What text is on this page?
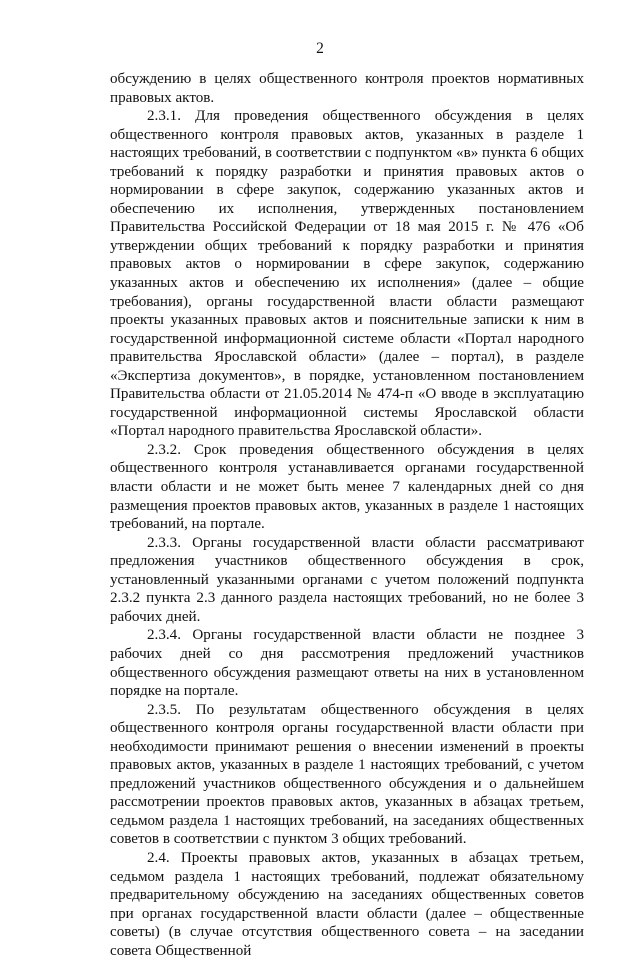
2

обсуждению в целях общественного контроля проектов нормативных правовых актов.

2.3.1. Для проведения общественного обсуждения в целях общественного контроля правовых актов, указанных в разделе 1 настоящих требований, в соответствии с подпунктом «в» пункта 6 общих требований к порядку разработки и принятия правовых актов о нормировании в сфере закупок, содержанию указанных актов и обеспечению их исполнения, утвержденных постановлением Правительства Российской Федерации от 18 мая 2015 г. № 476 «Об утверждении общих требований к порядку разработки и принятия правовых актов о нормировании в сфере закупок, содержанию указанных актов и обеспечению их исполнения» (далее – общие требования), органы государственной власти области размещают проекты указанных правовых актов и пояснительные записки к ним в государственной информационной системе области «Портал народного правительства Ярославской области» (далее – портал), в разделе «Экспертиза документов», в порядке, установленном постановлением Правительства области от 21.05.2014 № 474-п «О вводе в эксплуатацию государственной информационной системы Ярославской области «Портал народного правительства Ярославской области».

2.3.2. Срок проведения общественного обсуждения в целях общественного контроля устанавливается органами государственной власти области и не может быть менее 7 календарных дней со дня размещения проектов правовых актов, указанных в разделе 1 настоящих требований, на портале.

2.3.3. Органы государственной власти области рассматривают предложения участников общественного обсуждения в срок, установленный указанными органами с учетом положений подпункта 2.3.2 пункта 2.3 данного раздела настоящих требований, но не более 3 рабочих дней.

2.3.4. Органы государственной власти области не позднее 3 рабочих дней со дня рассмотрения предложений участников общественного обсуждения размещают ответы на них в установленном порядке на портале.

2.3.5. По результатам общественного обсуждения в целях общественного контроля органы государственной власти области при необходимости принимают решения о внесении изменений в проекты правовых актов, указанных в разделе 1 настоящих требований, с учетом предложений участников общественного обсуждения и о дальнейшем рассмотрении проектов правовых актов, указанных в абзацах третьем, седьмом раздела 1 настоящих требований, на заседаниях общественных советов в соответствии с пунктом 3 общих требований.

2.4. Проекты правовых актов, указанных в абзацах третьем, седьмом раздела 1 настоящих требований, подлежат обязательному предварительному обсуждению на заседаниях общественных советов при органах государственной власти области (далее – общественные советы) (в случае отсутствия общественного совета – на заседании совета Общественной
